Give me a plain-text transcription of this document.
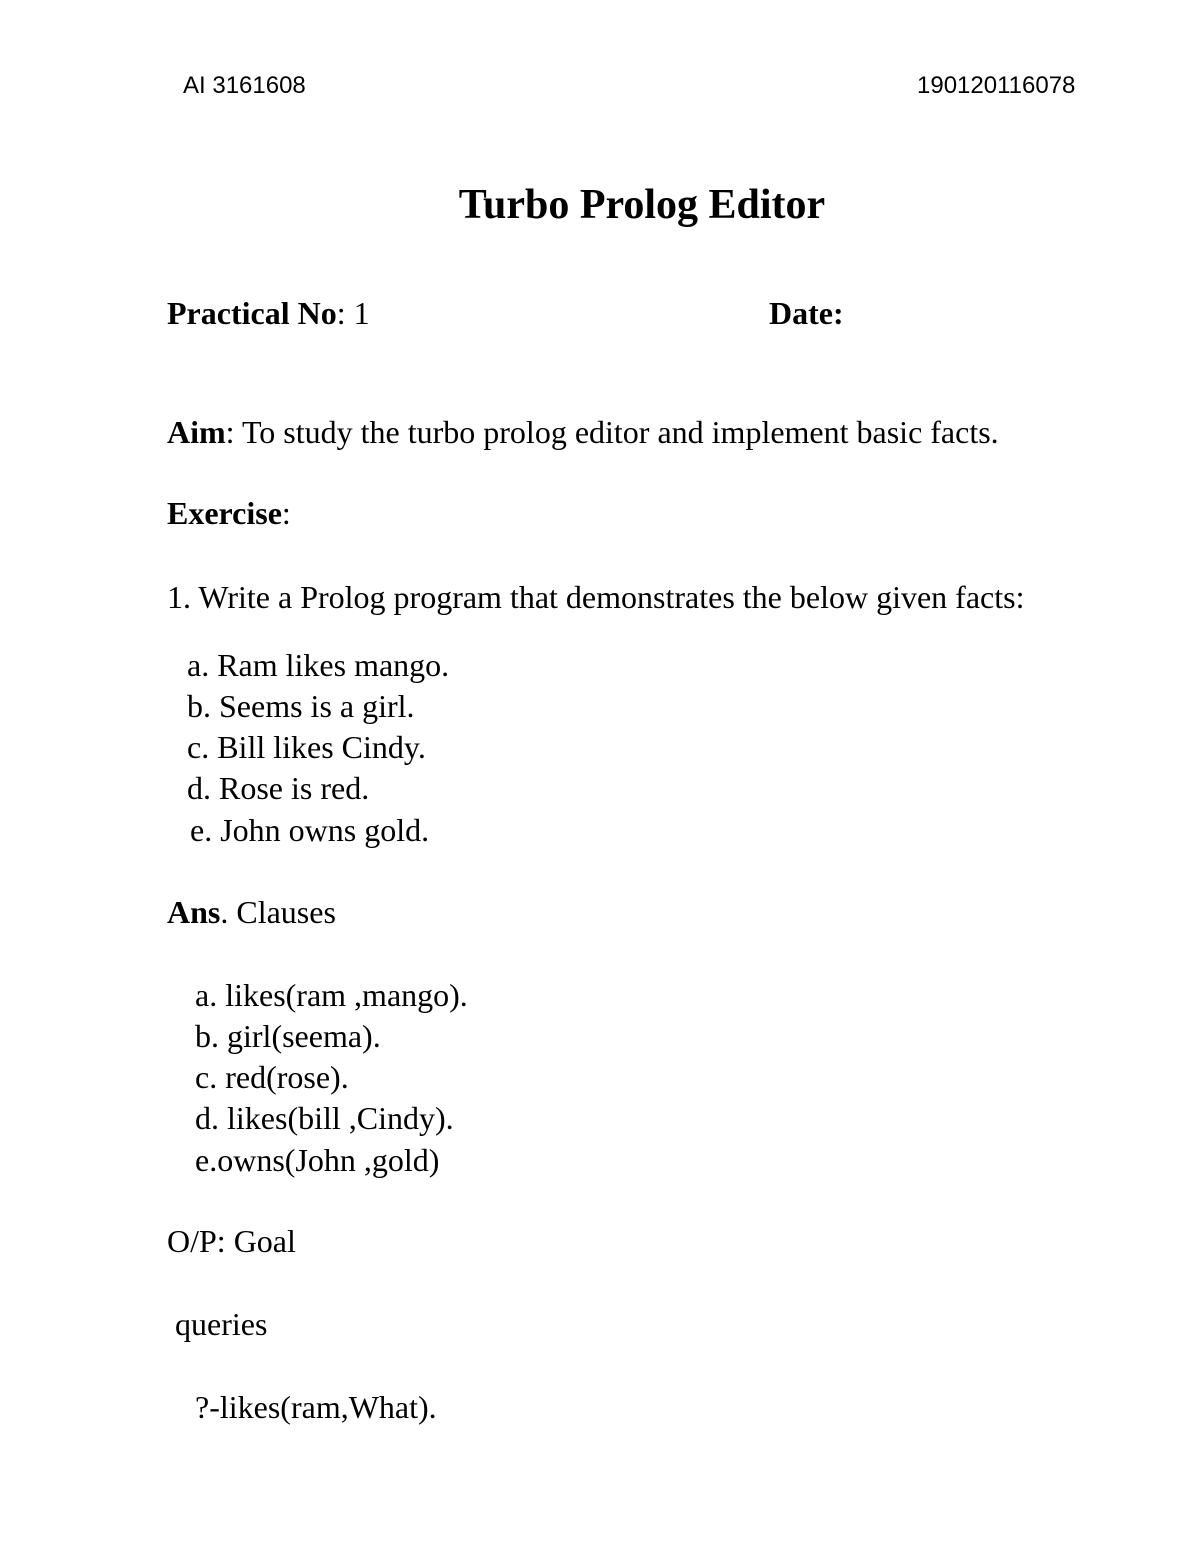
AI 3161608	190120116078
Turbo Prolog Editor
Practical No: 1	Date:
Aim: To study the turbo prolog editor and implement basic facts.
Exercise:
1. Write a Prolog program that demonstrates the below given facts:
a. Ram likes mango.
b. Seems is a girl.
c. Bill likes Cindy.
d. Rose is red.
e. John owns gold.
Ans. Clauses
a. likes(ram ,mango).
b. girl(seema).
c. red(rose).
d. likes(bill ,Cindy).
e.owns(John ,gold)
O/P: Goal
queries
?-likes(ram,What).
